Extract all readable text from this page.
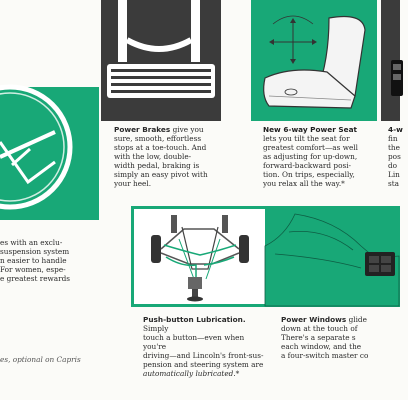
es with an exclu-
suspension system
n easier to handle
For women, espe-
e greatest rewards
Power Brakes give you
sure, smooth, effortless
stops at a toe-touch. And
with the low, double-
width pedal, braking is
simply an easy pivot with
your heel.
New 6-way Power Seat
lets you tilt the seat for
greatest comfort—as well
as adjusting for up-down,
forward-backward posi-
tion. On trips, especially,
you relax all the way.*
4-w
fin
the
pos
do
Lin
sta
Push-button Lubrication. Simply
touch a button—even when you're
driving—and Lincoln's front-sus-
pension and steering system are
automatically lubricated.*
Power Windows glide
down at the touch of
There's a separate s
each window, and the
a four-switch master co
es, optional on Capris
